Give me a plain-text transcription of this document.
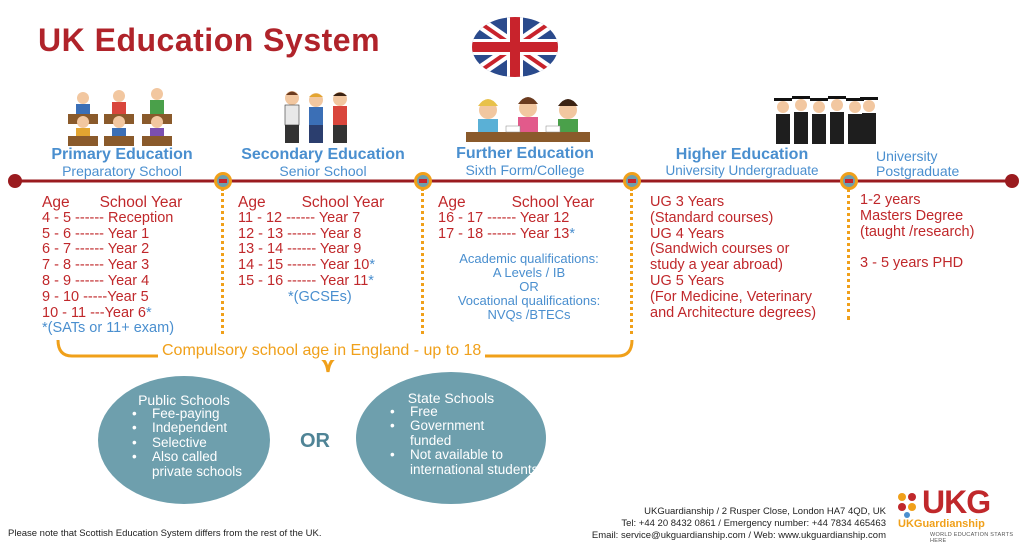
UK Education System
Primary Education
Preparatory School
Secondary Education
Senior School
Further Education
Sixth Form/College
Higher Education
University Undergraduate
University
Postgraduate
Age School Year
4 - 5 ------ Reception
5 - 6 ------ Year 1
6 - 7 ------ Year 2
7 - 8 ------ Year 3
8 - 9 ------ Year 4
9 - 10 -----Year 5
10 - 11 ---Year 6*
*(SATs or 11+ exam)
Age School Year
11 - 12 ------ Year 7
12 - 13 ------ Year 8
13 - 14 ------ Year 9
14 - 15 ------ Year 10*
15 - 16 ------ Year 11*
*(GCSEs)
Age	School Year
16 - 17 ------ Year 12
17 - 18 ------ Year 13*
Academic qualifications:
A Levels / IB
OR
Vocational qualifications:
NVQs /BTECs
UG 3 Years
(Standard courses)
UG 4 Years
(Sandwich courses or
study a year abroad)
UG 5 Years
(For Medicine, Veterinary
and Architecture degrees)
1-2 years
Masters Degree
(taught /research)
3 - 5 years PHD
Compulsory school age in England - up to 18
Public Schools
• Fee-paying
• Independent
• Selective
• Also called private schools
OR
State Schools
• Free
• Government funded
• Not available to international students
Please note that Scottish Education System differs from the rest of the UK.
UKGuardianship / 2 Rusper Close, London HA7 4QD, UK
Tel: +44 20 8432 0861 / Emergency number: +44 7834 465463
Email: service@ukguardianship.com / Web: www.ukguardianship.com
UKG
UKGuardianship
WORLD EDUCATION STARTS HERE
